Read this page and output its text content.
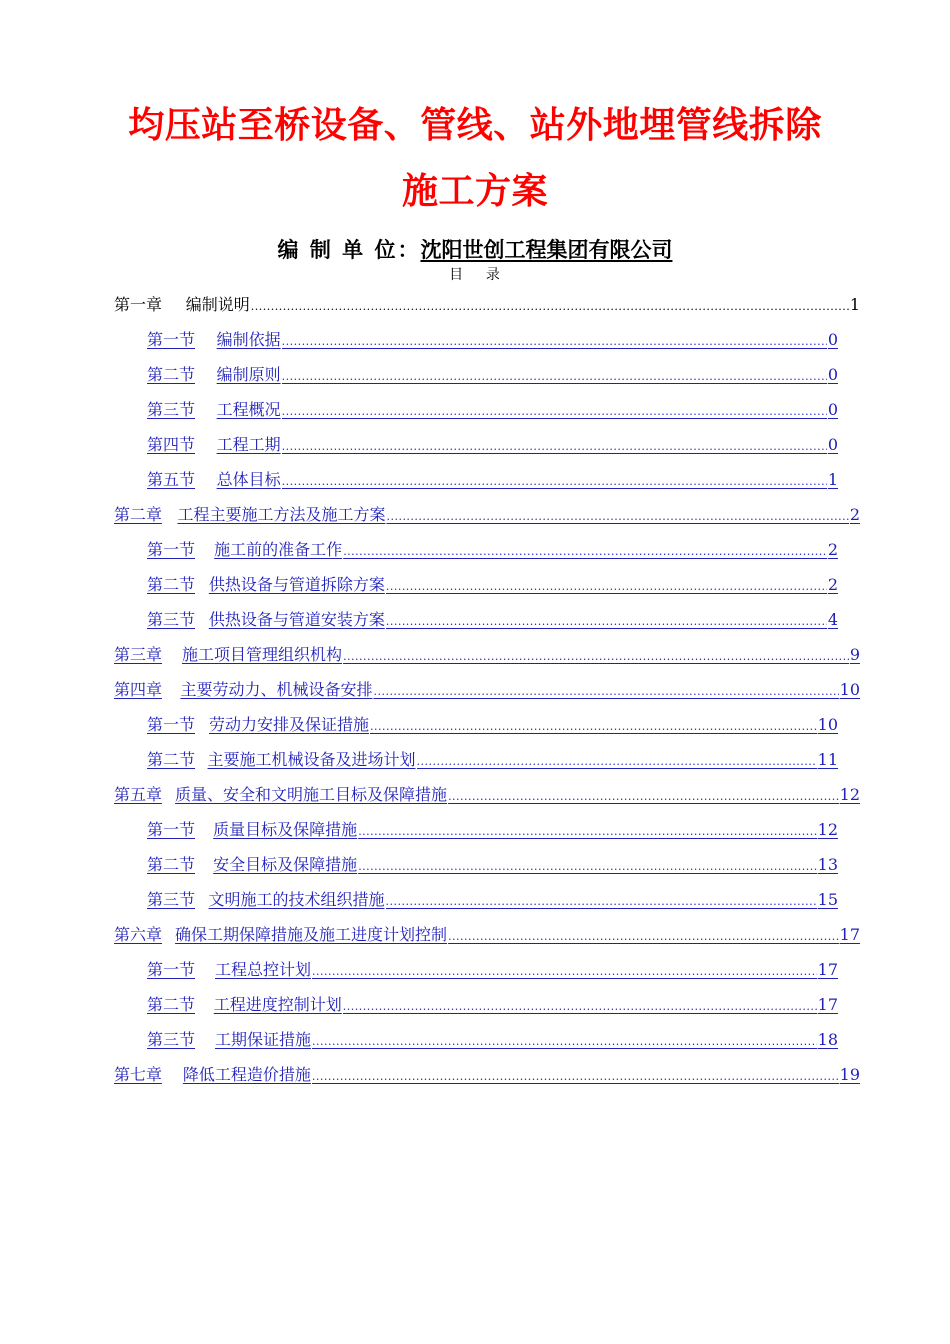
均压站至桥设备、管线、站外地埋管线拆除
施工方案
编 制 单 位：沈阳世创工程集团有限公司
目    录
第一章 编制说明 .....	1
第一节 编制依据 .....	0
第二节 编制原则 .....	0
第三节 工程概况 .....	0
第四节 工程工期 .....	0
第五节 总体目标 .....	1
第二章 工程主要施工方法及施工方案 .....	2
第一节 施工前的准备工作 .....	2
第二节 供热设备与管道拆除方案 .....	2
第三节 供热设备与管道安装方案 .....	4
第三章 施工项目管理组织机构 .....	9
第四章 主要劳动力、机械设备安排 .....	10
第一节 劳动力安排及保证措施 .....	10
第二节 主要施工机械设备及进场计划 .....	11
第五章 质量、安全和文明施工目标及保障措施 .....	12
第一节 质量目标及保障措施 .....	12
第二节 安全目标及保障措施 .....	13
第三节 文明施工的技术组织措施 .....	15
第六章 确保工期保障措施及施工进度计划控制 .....	17
第一节 工程总控计划 .....	17
第二节 工程进度控制计划 .....	17
第三节 工期保证措施 .....	18
第七章 降低工程造价措施 .....	19
